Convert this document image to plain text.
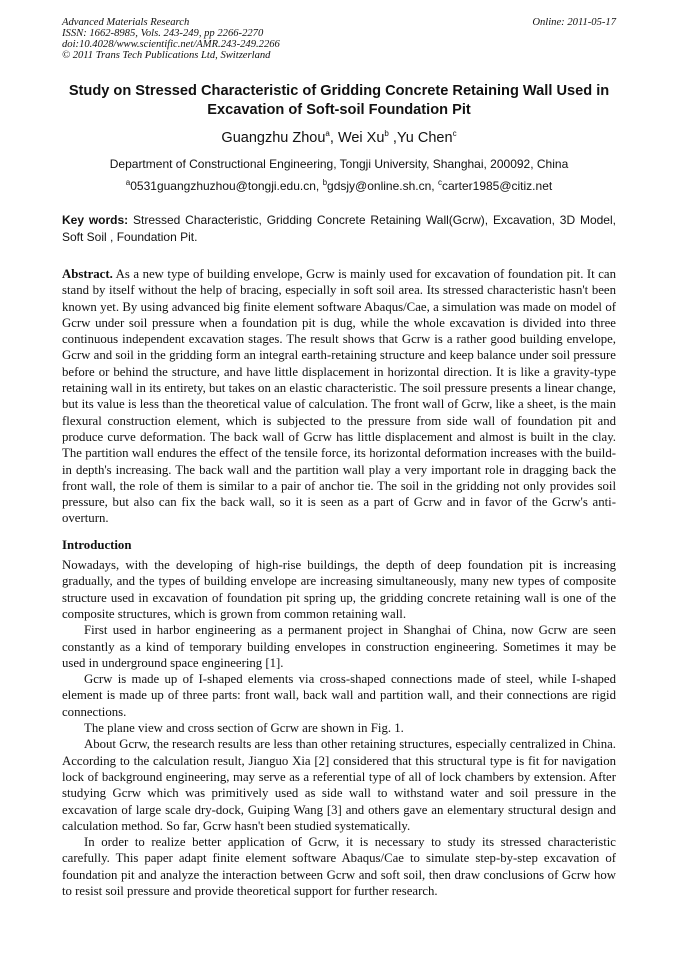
Advanced Materials Research
ISSN: 1662-8985, Vols. 243-249, pp 2266-2270
doi:10.4028/www.scientific.net/AMR.243-249.2266
© 2011 Trans Tech Publications Ltd, Switzerland
Online: 2011-05-17
Study on Stressed Characteristic of Gridding Concrete Retaining Wall Used in Excavation of Soft-soil Foundation Pit
Guangzhu Zhou$^a$, Wei Xu$^b$ ,Yu Chen$^c$
Department of Constructional Engineering, Tongji University, Shanghai, 200092, China
$^a$0531guangzhuzhou@tongji.edu.cn, $^b$gdsjy@online.sh.cn, $^c$carter1985@citiz.net
Key words: Stressed Characteristic, Gridding Concrete Retaining Wall(Gcrw), Excavation, 3D Model, Soft Soil , Foundation Pit.

Abstract. As a new type of building envelope, Gcrw is mainly used for excavation of foundation pit. It can stand by itself without the help of bracing, especially in soft soil area. Its stressed characteristic hasn't been known yet. By using advanced big finite element software Abaqus/Cae, a simulation was made on model of Gcrw under soil pressure when a foundation pit is dug, while the whole excavation is divided into three continuous independent excavation stages. The result shows that Gcrw is a rather good building envelope, Gcrw and soil in the gridding form an integral earth-retaining structure and keep balance under soil pressure before or behind the structure, and have little displacement in horizontal direction. It is like a gravity-type retaining wall in its entirety, but takes on an elastic characteristic. The soil pressure presents a linear change, but its value is less than the theoretical value of calculation. The front wall of Gcrw, like a sheet, is the main flexural construction element, which is subjected to the pressure from side wall of foundation pit and produce curve deformation. The back wall of Gcrw has little displacement and almost is built in the clay. The partition wall endures the effect of the tensile force, its horizontal deformation increases with the build-in depth's increasing. The back wall and the partition wall play a very important role in dragging back the front wall, the role of them is similar to a pair of anchor tie. The soil in the gridding not only provides soil pressure, but also can fix the back wall, so it is seen as a part of Gcrw and in favor of the Gcrw's anti-overturn.

Introduction

Nowadays, with the developing of high-rise buildings, the depth of deep foundation pit is increasing gradually, and the types of building envelope are increasing simultaneously, many new types of composite structure used in excavation of foundation pit spring up, the gridding concrete retaining wall is one of the composite structures, which is grown from common retaining wall.

First used in harbor engineering as a permanent project in Shanghai of China, now Gcrw are seen constantly as a kind of temporary building envelopes in construction engineering. Sometimes it may be used in underground space engineering [1].

Gcrw is made up of I-shaped elements via cross-shaped connections made of steel, while I-shaped element is made up of three parts: front wall, back wall and partition wall, and their connections are rigid connections.

The plane view and cross section of Gcrw are shown in Fig. 1.

About Gcrw, the research results are less than other retaining structures, especially centralized in China. According to the calculation result, Jianguo Xia [2] considered that this structural type is fit for navigation lock of background engineering, may serve as a referential type of all of lock chambers by extension. After studying Gcrw which was primitively used as side wall to withstand water and soil pressure in the excavation of large scale dry-dock, Guiping Wang [3] and others gave an elementary structural design and calculation method. So far, Gcrw hasn't been studied systematically.

In order to realize better application of Gcrw, it is necessary to study its stressed characteristic carefully. This paper adapt finite element software Abaqus/Cae to simulate step-by-step excavation of foundation pit and analyze the interaction between Gcrw and soft soil, then draw conclusions of Gcrw how to resist soil pressure and provide theoretical support for further research.
